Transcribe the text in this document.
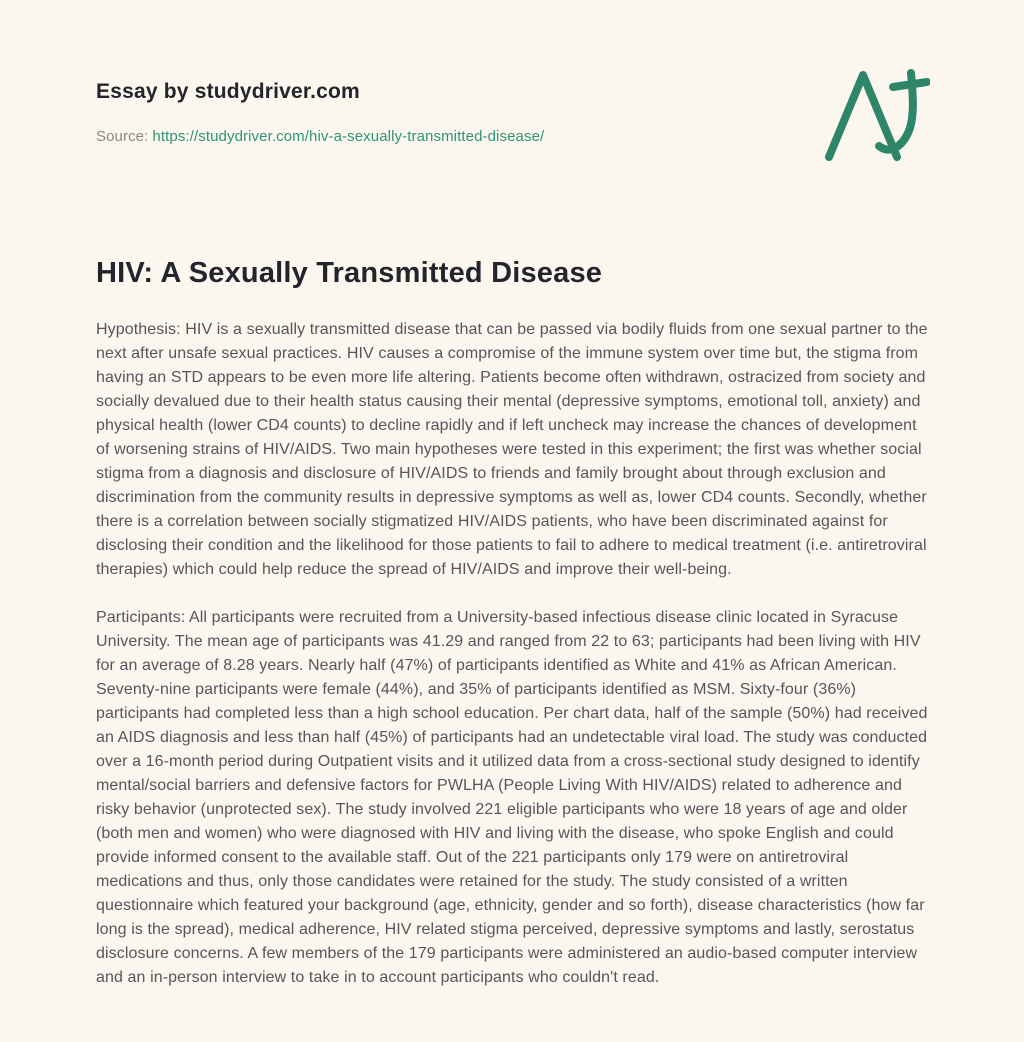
Essay by studydriver.com
Source: https://studydriver.com/hiv-a-sexually-transmitted-disease/
HIV: A Sexually Transmitted Disease

Hypothesis: HIV is a sexually transmitted disease that can be passed via bodily fluids from one sexual partner to the next after unsafe sexual practices. HIV causes a compromise of the immune system over time but, the stigma from having an STD appears to be even more life altering. Patients become often withdrawn, ostracized from society and socially devalued due to their health status causing their mental (depressive symptoms, emotional toll, anxiety) and physical health (lower CD4 counts) to decline rapidly and if left uncheck may increase the chances of development of worsening strains of HIV/AIDS. Two main hypotheses were tested in this experiment; the first was whether social stigma from a diagnosis and disclosure of HIV/AIDS to friends and family brought about through exclusion and discrimination from the community results in depressive symptoms as well as, lower CD4 counts. Secondly, whether there is a correlation between socially stigmatized HIV/AIDS patients, who have been discriminated against for disclosing their condition and the likelihood for those patients to fail to adhere to medical treatment (i.e. antiretroviral therapies) which could help reduce the spread of HIV/AIDS and improve their well-being.

Participants: All participants were recruited from a University-based infectious disease clinic located in Syracuse University. The mean age of participants was 41.29 and ranged from 22 to 63; participants had been living with HIV for an average of 8.28 years. Nearly half (47%) of participants identified as White and 41% as African American. Seventy-nine participants were female (44%), and 35% of participants identified as MSM. Sixty-four (36%) participants had completed less than a high school education. Per chart data, half of the sample (50%) had received an AIDS diagnosis and less than half (45%) of participants had an undetectable viral load. The study was conducted over a 16-month period during Outpatient visits and it utilized data from a cross-sectional study designed to identify mental/social barriers and defensive factors for PWLHA (People Living With HIV/AIDS) related to adherence and risky behavior (unprotected sex). The study involved 221 eligible participants who were 18 years of age and older (both men and women) who were diagnosed with HIV and living with the disease, who spoke English and could provide informed consent to the available staff. Out of the 221 participants only 179 were on antiretroviral medications and thus, only those candidates were retained for the study. The study consisted of a written questionnaire which featured your background (age, ethnicity, gender and so forth), disease characteristics (how far long is the spread), medical adherence, HIV related stigma perceived, depressive symptoms and lastly, serostatus disclosure concerns. A few members of the 179 participants were administered an audio-based computer interview and an in-person interview to take in to account participants who couldn't read.
